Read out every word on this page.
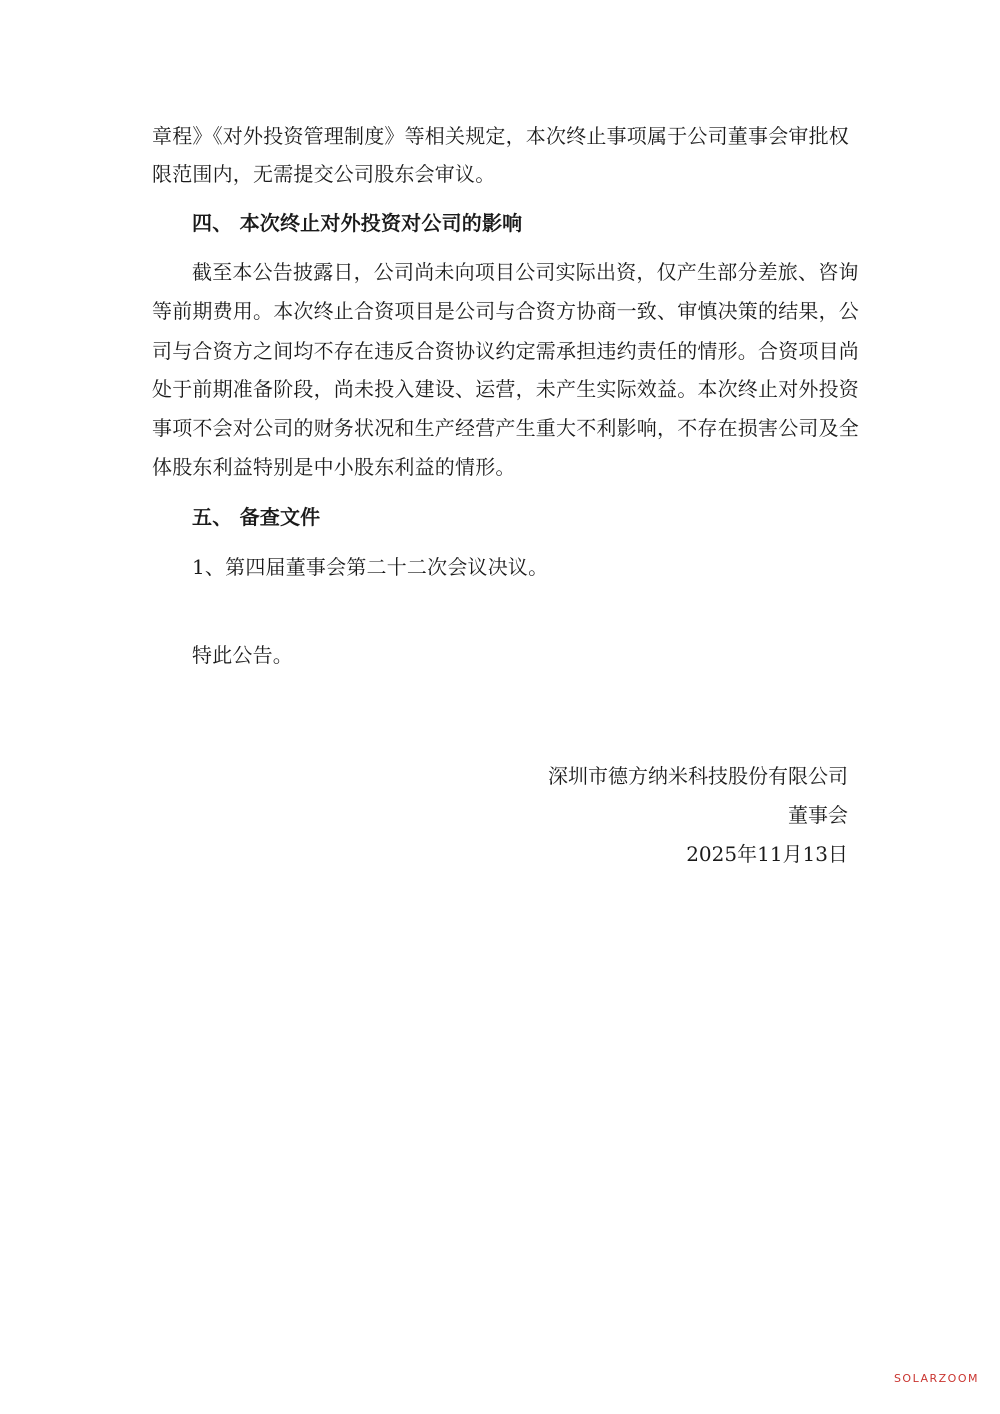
章程》《对外投资管理制度》等相关规定，本次终止事项属于公司董事会审批权
限范围内，无需提交公司股东会审议。
四、 本次终止对外投资对公司的影响
截至本公告披露日，公司尚未向项目公司实际出资，仅产生部分差旅、咨询
等前期费用。本次终止合资项目是公司与合资方协商一致、审慎决策的结果，公
司与合资方之间均不存在违反合资协议约定需承担违约责任的情形。合资项目尚
处于前期准备阶段，尚未投入建设、运营，未产生实际效益。本次终止对外投资
事项不会对公司的财务状况和生产经营产生重大不利影响，不存在损害公司及全
体股东利益特别是中小股东利益的情形。
五、 备查文件
1、第四届董事会第二十二次会议决议。
特此公告。
深圳市德方纳米科技股份有限公司
董事会
2025年11月13日
SOLARZOOM
